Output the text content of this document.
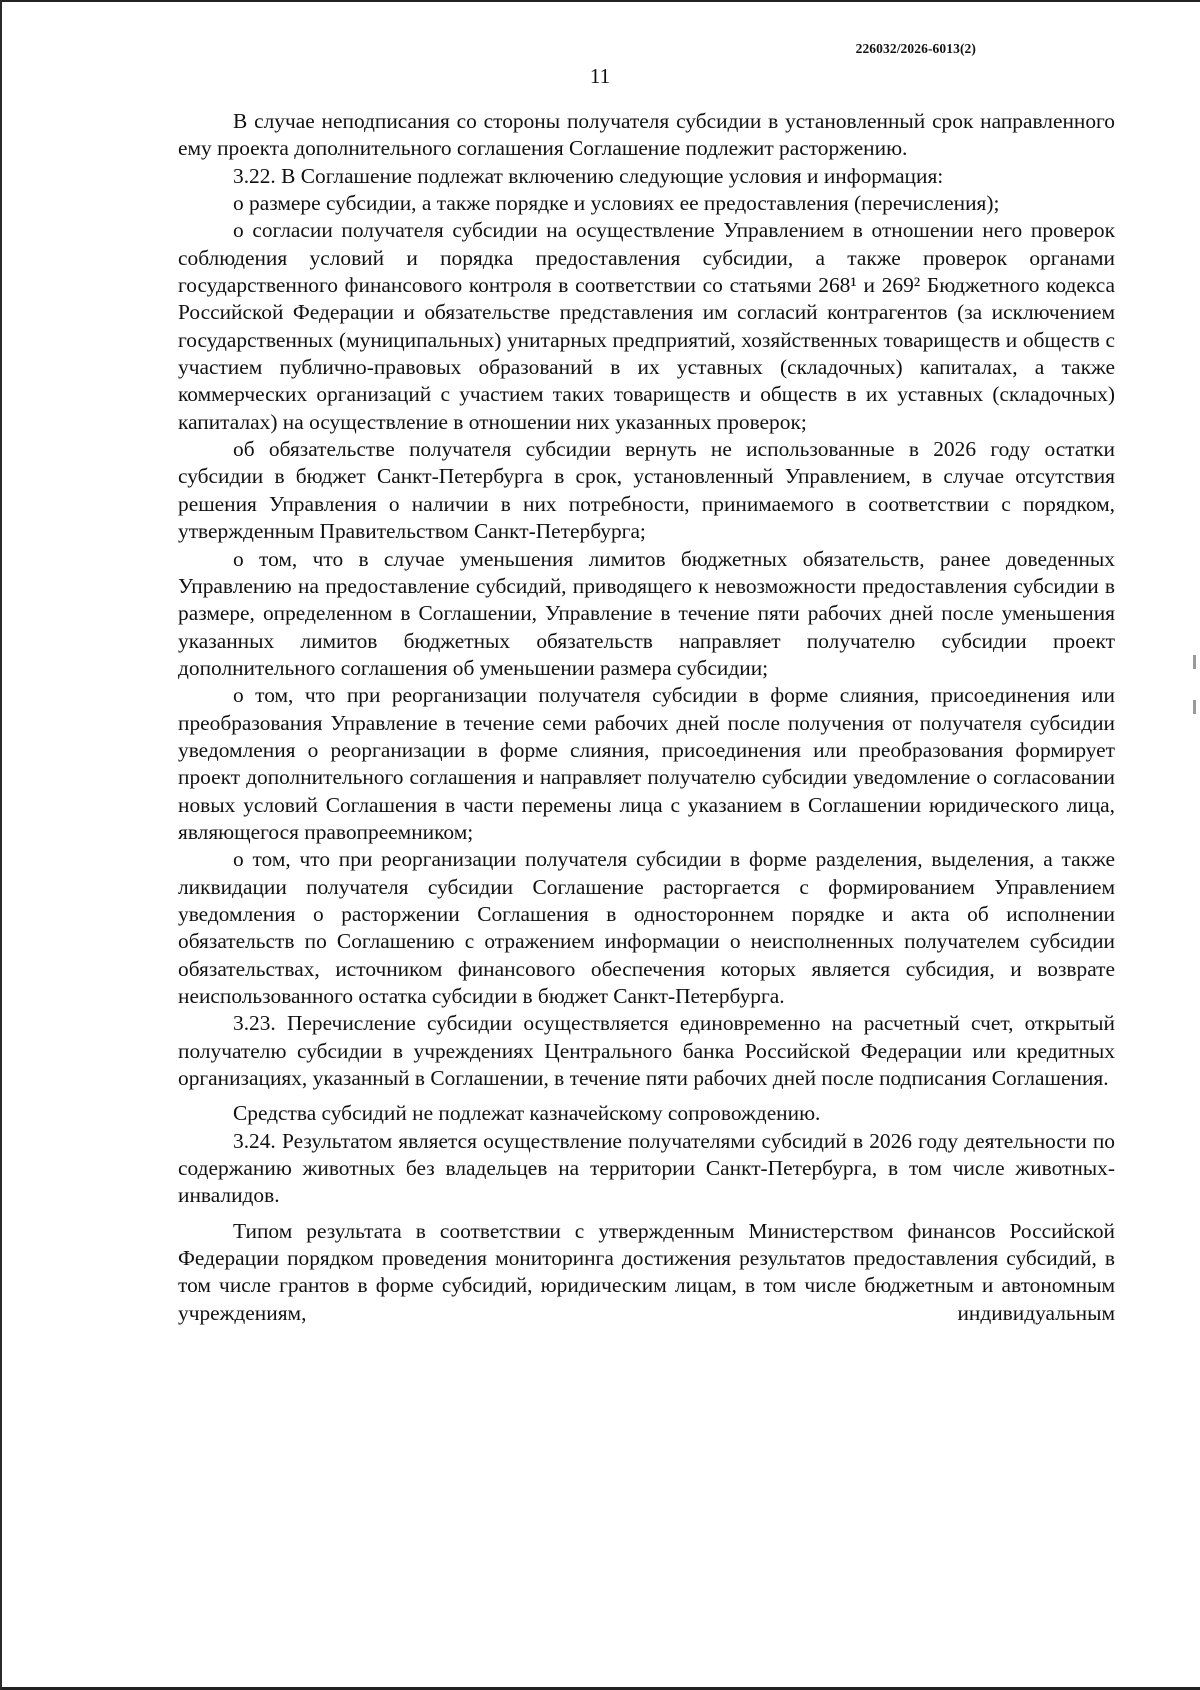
226032/2026-6013(2)
11

В случае неподписания со стороны получателя субсидии в установленный срок направленного ему проекта дополнительного соглашения Соглашение подлежит расторжению.

3.22. В Соглашение подлежат включению следующие условия и информация:

о размере субсидии, а также порядке и условиях ее предоставления (перечисления);

о согласии получателя субсидии на осуществление Управлением в отношении него проверок соблюдения условий и порядка предоставления субсидии, а также проверок органами государственного финансового контроля в соответствии со статьями 268¹ и 269² Бюджетного кодекса Российской Федерации и обязательстве представления им согласий контрагентов (за исключением государственных (муниципальных) унитарных предприятий, хозяйственных товариществ и обществ с участием публично-правовых образований в их уставных (складочных) капиталах, а также коммерческих организаций с участием таких товариществ и обществ в их уставных (складочных) капиталах) на осуществление в отношении них указанных проверок;

об обязательстве получателя субсидии вернуть не использованные в 2026 году остатки субсидии в бюджет Санкт-Петербурга в срок, установленный Управлением, в случае отсутствия решения Управления о наличии в них потребности, принимаемого в соответствии с порядком, утвержденным Правительством Санкт-Петербурга;

о том, что в случае уменьшения лимитов бюджетных обязательств, ранее доведенных Управлению на предоставление субсидий, приводящего к невозможности предоставления субсидии в размере, определенном в Соглашении, Управление в течение пяти рабочих дней после уменьшения указанных лимитов бюджетных обязательств направляет получателю субсидии проект дополнительного соглашения об уменьшении размера субсидии;

о том, что при реорганизации получателя субсидии в форме слияния, присоединения или преобразования Управление в течение семи рабочих дней после получения от получателя субсидии уведомления о реорганизации в форме слияния, присоединения или преобразования формирует проект дополнительного соглашения и направляет получателю субсидии уведомление о согласовании новых условий Соглашения в части перемены лица с указанием в Соглашении юридического лица, являющегося правопреемником;

о том, что при реорганизации получателя субсидии в форме разделения, выделения, а также ликвидации получателя субсидии Соглашение расторгается с формированием Управлением уведомления о расторжении Соглашения в одностороннем порядке и акта об исполнении обязательств по Соглашению с отражением информации о неисполненных получателем субсидии обязательствах, источником финансового обеспечения которых является субсидия, и возврате неиспользованного остатка субсидии в бюджет Санкт-Петербурга.

3.23. Перечисление субсидии осуществляется единовременно на расчетный счет, открытый получателю субсидии в учреждениях Центрального банка Российской Федерации или кредитных организациях, указанный в Соглашении, в течение пяти рабочих дней после подписания Соглашения.

Средства субсидий не подлежат казначейскому сопровождению.

3.24. Результатом является осуществление получателями субсидий в 2026 году деятельности по содержанию животных без владельцев на территории Санкт-Петербурга, в том числе животных-инвалидов.

Типом результата в соответствии с утвержденным Министерством финансов Российской Федерации порядком проведения мониторинга достижения результатов предоставления субсидий, в том числе грантов в форме субсидий, юридическим лицам, в том числе бюджетным и автономным учреждениям, индивидуальным
